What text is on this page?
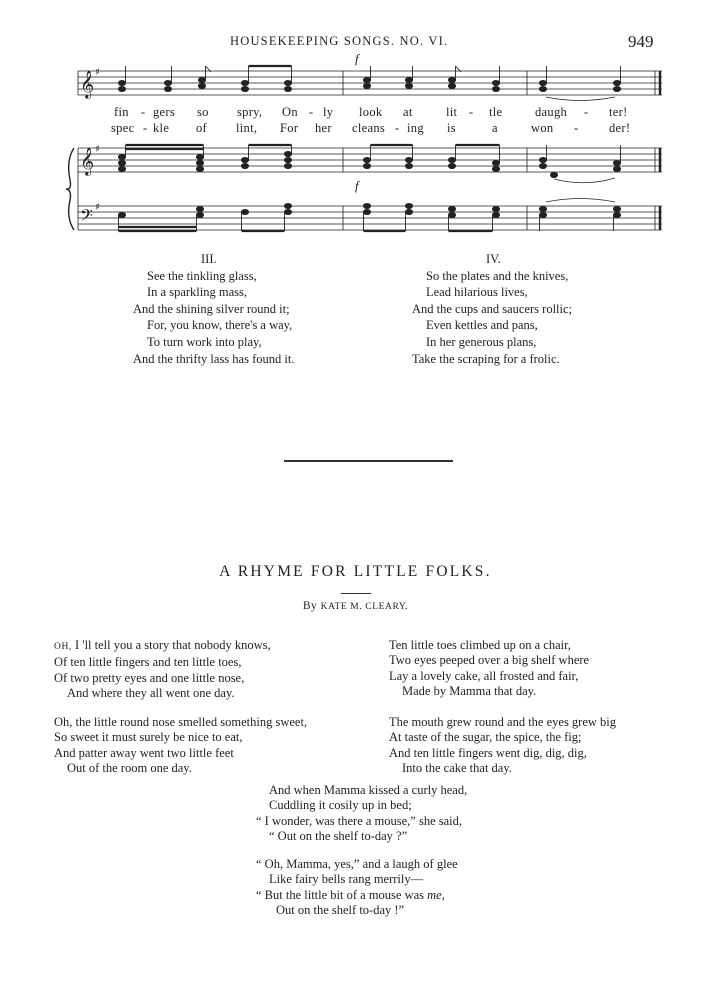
HOUSEKEEPING SONGS. NO. VI.	949
𝄞
𝄞
𝄢
♯
♯
♯
f
f
fin - gers so spry, On - ly look at	lit - tle	daugh - ter!
spec - kle of lint, For her cleans - ing is	a	won - der!
III.
See the tinkling glass,
In a sparkling mass,
And the shining silver round it;
For, you know, there's a way,
To turn work into play,
And the thrifty lass has found it.
IV.
So the plates and the knives,
Lead hilarious lives,
And the cups and saucers rollic;
Even kettles and pans,
In her generous plans,
Take the scraping for a frolic.
A RHYME FOR LITTLE FOLKS.
By KATE M. CLEARY.
OH, I 'll tell you a story that nobody knows,
Of ten little fingers and ten little toes,
Of two pretty eyes and one little nose,
And where they all went one day.
Oh, the little round nose smelled something sweet,
So sweet it must surely be nice to eat,
And patter away went two little feet
Out of the room one day.
Ten little toes climbed up on a chair,
Two eyes peeped over a big shelf where
Lay a lovely cake, all frosted and fair,
Made by Mamma that day.
The mouth grew round and the eyes grew big
At taste of the sugar, the spice, the fig;
And ten little fingers went dig, dig, dig,
Into the cake that day.
And when Mamma kissed a curly head,
Cuddling it cosily up in bed;
“ I wonder, was there a mouse,” she said,
“ Out on the shelf to-day ?”
“ Oh, Mamma, yes,” and a laugh of glee
Like fairy bells rang merrily—
“ But the little bit of a mouse was me,
Out on the shelf to-day !”
